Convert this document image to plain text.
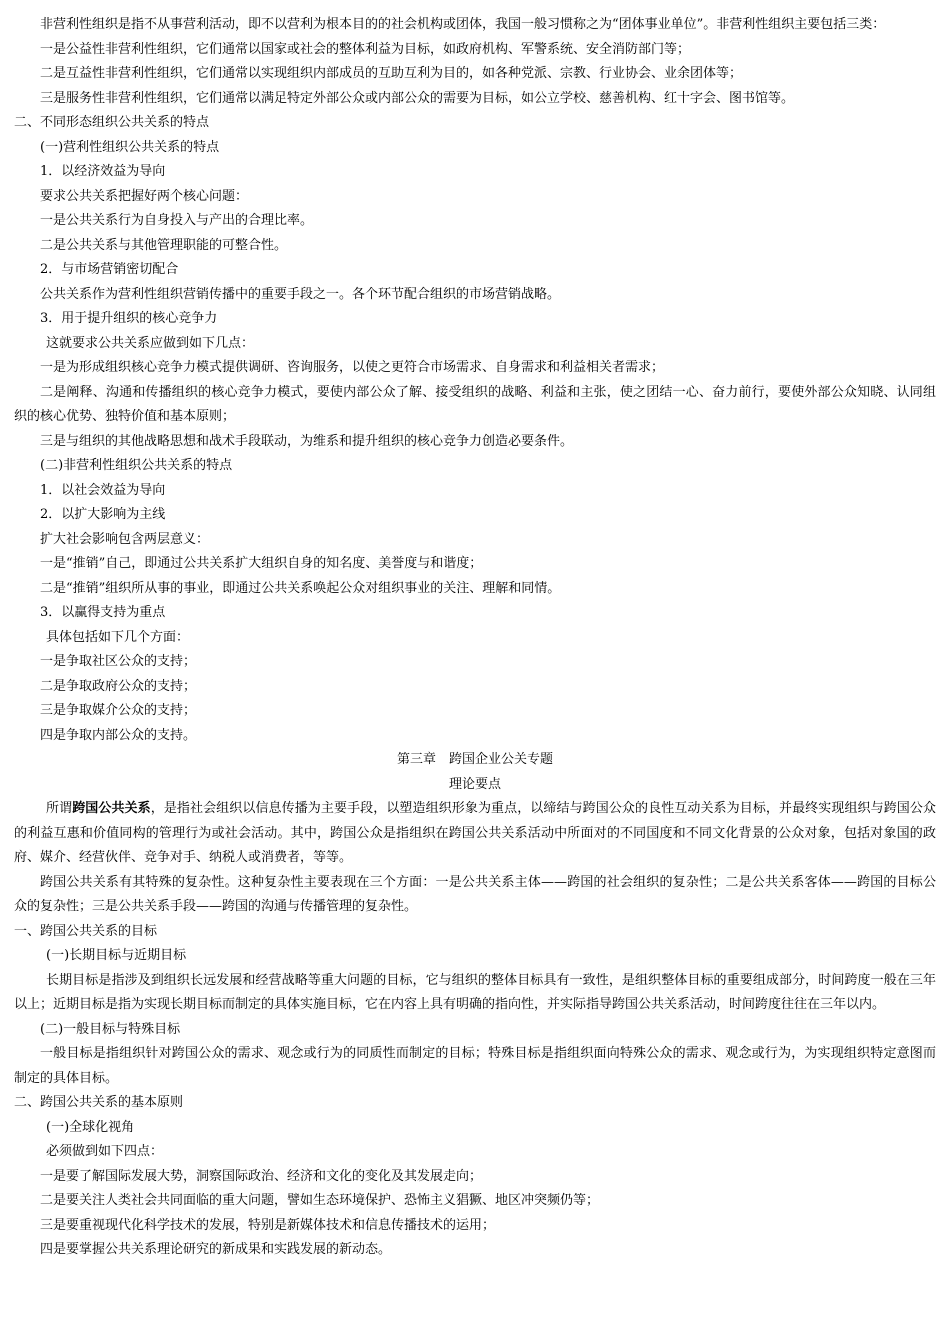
非营利性组织是指不从事营利活动，即不以营利为根本目的的社会机构或团体，我国一般习惯称之为“团体事业单位”。非营利性组织主要包括三类：

一是公益性非营利性组织，它们通常以国家或社会的整体利益为目标，如政府机构、军警系统、安全消防部门等；

二是互益性非营利性组织，它们通常以实现组织内部成员的互助互利为目的，如各种党派、宗教、行业协会、业余团体等；

三是服务性非营利性组织，它们通常以满足特定外部公众或内部公众的需要为目标，如公立学校、慈善机构、红十字会、图书馆等。

二、不同形态组织公共关系的特点

(一)营利性组织公共关系的特点

1．以经济效益为导向

要求公共关系把握好两个核心问题：

一是公共关系行为自身投入与产出的合理比率。

二是公共关系与其他管理职能的可整合性。

2．与市场营销密切配合

公共关系作为营利性组织营销传播中的重要手段之一。各个环节配合组织的市场营销战略。

3．用于提升组织的核心竞争力

这就要求公共关系应做到如下几点：

一是为形成组织核心竞争力模式提供调研、咨询服务，以使之更符合市场需求、自身需求和利益相关者需求；

二是阐释、沟通和传播组织的核心竞争力模式，要使内部公众了解、接受组织的战略、利益和主张，使之团结一心、奋力前行，要使外部公众知晓、认同组织的核心优势、独特价值和基本原则；

三是与组织的其他战略思想和战术手段联动，为维系和提升组织的核心竞争力创造必要条件。

(二)非营利性组织公共关系的特点

1．以社会效益为导向

2．以扩大影响为主线

扩大社会影响包含两层意义：

一是“推销”自己，即通过公共关系扩大组织自身的知名度、美誉度与和谐度；

二是“推销”组织所从事的事业，即通过公共关系唤起公众对组织事业的关注、理解和同情。

3．以赢得支持为重点

具体包括如下几个方面：

一是争取社区公众的支持；

二是争取政府公众的支持；

三是争取媒介公众的支持；

四是争取内部公众的支持。

第三章　跨国企业公关专题

理论要点

所谓跨国公共关系，是指社会组织以信息传播为主要手段，以塑造组织形象为重点，以缔结与跨国公众的良性互动关系为目标，并最终实现组织与跨国公众的利益互惠和价值同构的管理行为或社会活动。其中，跨国公众是指组织在跨国公共关系活动中所面对的不同国度和不同文化背景的公众对象，包括对象国的政府、媒介、经营伙伴、竞争对手、纳税人或消费者，等等。

跨国公共关系有其特殊的复杂性。这种复杂性主要表现在三个方面：一是公共关系主体——跨国的社会组织的复杂性；二是公共关系客体——跨国的目标公众的复杂性；三是公共关系手段——跨国的沟通与传播管理的复杂性。

一、跨国公共关系的目标

(一)长期目标与近期目标

长期目标是指涉及到组织长远发展和经营战略等重大问题的目标，它与组织的整体目标具有一致性，是组织整体目标的重要组成部分，时间跨度一般在三年以上；近期目标是指为实现长期目标而制定的具体实施目标，它在内容上具有明确的指向性，并实际指导跨国公共关系活动，时间跨度往往在三年以内。

(二)一般目标与特殊目标

一般目标是指组织针对跨国公众的需求、观念或行为的同质性而制定的目标；特殊目标是指组织面向特殊公众的需求、观念或行为，为实现组织特定意图而制定的具体目标。

二、跨国公共关系的基本原则

(一)全球化视角

必须做到如下四点：

一是要了解国际发展大势，洞察国际政治、经济和文化的变化及其发展走向；

二是要关注人类社会共同面临的重大问题，譬如生态环境保护、恐怖主义猖獗、地区冲突频仍等；

三是要重视现代化科学技术的发展，特别是新媒体技术和信息传播技术的运用；

四是要掌握公共关系理论研究的新成果和实践发展的新动态。
